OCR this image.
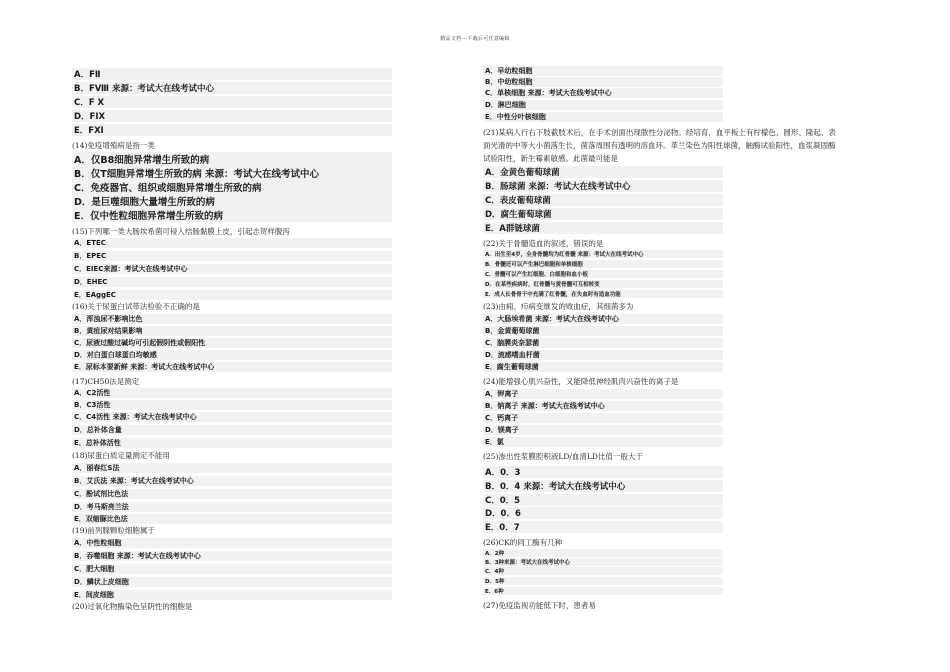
精品文档---下载后可任意编辑
A．FⅡ
B．FⅧ 来源：考试大在线考试中心
C．F X
D．FIX
E．FⅪ
(14)免疫增殖病是指一类
A．仅B8细胞异常增生所致的病
B．仅T细胞异常增生所致的病 来源：考试大在线考试中心
C．免疫器官、组织或细胞异常增生所致的病
D．是巨噬细胞大量增生所致的病
E．仅中性粒细胞异常增生所致的病
(15)下列哪一类大肠埃希菌可侵入结肠黏膜上皮，引起志贺样腹泻
A．ETEC
B．EPEC
C．EIEC来源：考试大在线考试中心
D．EHEC
E．EAggEC
(16)关于尿蛋白试带法检验不正确的是
A．浑浊尿不影响比色
B．黄疸尿对结果影响
C．尿液过酸过碱均可引起假阴性或假阳性
D．对白蛋白球蛋白均敏感
E．尿标本要新鲜 来源：考试大在线考试中心
(17)CH50法是测定
A．C2活性
B．C3活性
C．C4活性 来源：考试大在线考试中心
D．总补体含量
E．总补体活性
(18)尿蛋白质定量测定不能用
A．丽春红S法
B．艾氏法 来源：考试大在线考试中心
C．酚试剂比色法
D．考马斯亮兰法
E．双缩脲比色法
(19)前列腺颗粒细胞属于
A．中性粒细胞
B．吞噬细胞 来源：考试大在线考试中心
C．肥大细胞
D．鳞状上皮细胞
E．间皮细胞
(20)过氧化物酶染色呈阴性的细胞是
A．早幼粒细胞
B．中幼粒细胞
C．单核细胞 来源：考试大在线考试中心
D．淋巴细胞
E．中性分叶核细胞
(21)某病人行右下肢截肢术后，在手术创面出现脓性分泌物。经培育，血平板上有柠檬色、圆形、隆起、表
面光滑的中等大小菌落生长，菌落周围有透明的溶血环。革兰染色为阳性球菌，触酶试验阳性，血浆凝固酶
试验阳性，新生霉素敏感。此菌最可能是
A．金黄色葡萄球菌
B．肠球菌 来源：考试大在线考试中心
C．表皮葡萄球菌
D．腐生葡萄球菌
E．A群链球菌
(22)关于骨髓造血的叙述，错误的是
A．出生至4岁，全身骨髓均为红骨髓 来源：考试大在线考试中心
B．骨髓还可以产生淋巴细胞和单核细胞
C．骨髓可以产生红细胞、白细胞和血小板
D．在某些疾病时，红骨髓与黄骨髓可互相转变
E．成人长骨骨干中充满了红骨髓，在失血时有造血功能
(23)由痈、疖病变继发的败血症，其细菌多为
A．大肠埃希菌 来源：考试大在线考试中心
B．金黄葡萄球菌
C．脑膜炎奈瑟菌
D．流感嗜血杆菌
E．腐生葡萄球菌
(24)能增强心肌兴奋性，又能降低神经肌肉兴奋性的离子是
A．钾离子
B．钠离子 来源：考试大在线考试中心
C．钙离子
D．镁离子
E．氯
(25)渗出性浆膜腔积液LD/血清LD比值一般大于
A．0．3
B．0．4 来源：考试大在线考试中心
C．0．5
D．0．6
E．0．7
(26)CK的同工酶有几种
A．2种
B．3种来源：考试大在线考试中心
C．4种
D．5种
E．6种
(27)免疫监视功能低下时，患者易
